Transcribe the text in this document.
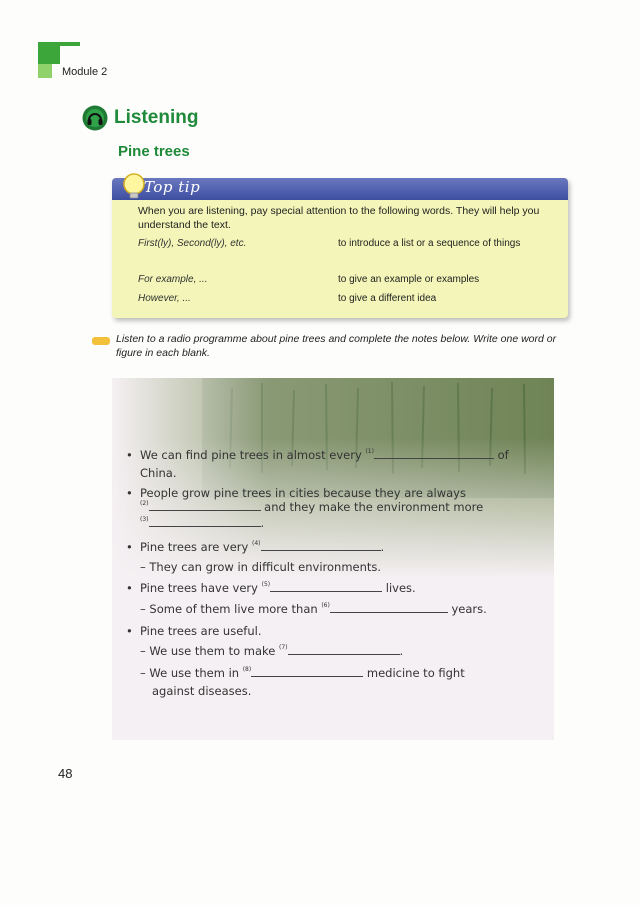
Module 2
Listening
Pine trees
Top tip
When you are listening, pay special attention to the following words. They will help you understand the text.
First(ly), Second(ly), etc.	to introduce a list or a sequence of things
For example, ...	to give an example or examples
However, ...	to give a different idea
Listen to a radio programme about pine trees and complete the notes below. Write one word or figure in each blank.
• We can find pine trees in almost every $^{(1)}$	of
China.
• People grow pine trees in cities because they are always
$^{(2)}$	and they make the environment more
$^{(3)}$	.
• Pine trees are very $^{(4)}$	.
– They can grow in difficult environments.
• Pine trees have very $^{(5)}$	lives.
– Some of them live more than $^{(6)}$	years.
• Pine trees are useful.
– We use them to make $^{(7)}$	.
– We use them in $^{(8)}$	medicine to fight
against diseases.
48
